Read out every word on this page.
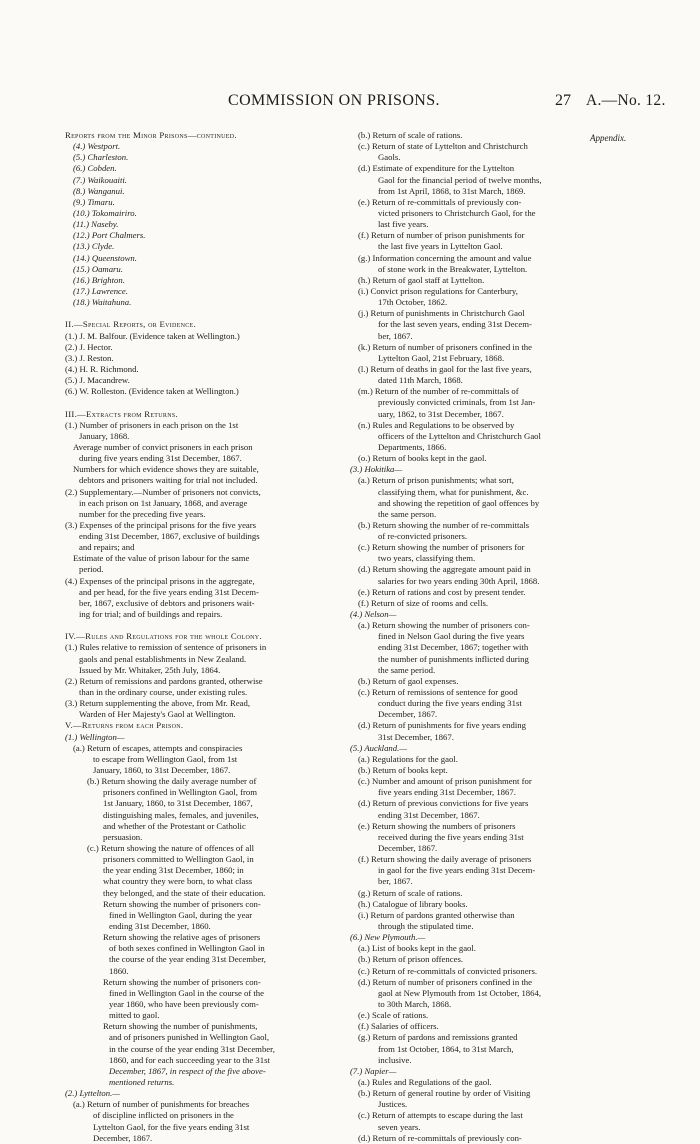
COMMISSION ON PRISONS.	27 A.—No. 12.
Appendix.
Reports from the Minor Prisons—continued.
(4.) Westport.
(5.) Charleston.
(6.) Cobden.
(7.) Waikouaiti.
(8.) Wanganui.
(9.) Timaru.
(10.) Tokomairiro.
(11.) Naseby.
(12.) Port Chalmers.
(13.) Clyde.
(14.) Queenstown.
(15.) Oamaru.
(16.) Brighton.
(17.) Lawrence.
(18.) Waitahuna.
II.—Special Reports, or Evidence.
(1.) J. M. Balfour. (Evidence taken at Wellington.)
(2.) J. Hector.
(3.) J. Reston.
(4.) H. R. Richmond.
(5.) J. Macandrew.
(6.) W. Rolleston. (Evidence taken at Wellington.)
III.—Extracts from Returns.
(1.) Number of prisoners in each prison on the 1st
January, 1868.
Average number of convict prisoners in each prison
during five years ending 31st December, 1867.
Numbers for which evidence shows they are suitable,
debtors and prisoners waiting for trial not included.
(2.) Supplementary.—Number of prisoners not convicts,
in each prison on 1st January, 1868, and average
number for the preceding five years.
(3.) Expenses of the principal prisons for the five years
ending 31st December, 1867, exclusive of buildings
and repairs; and
Estimate of the value of prison labour for the same
period.
(4.) Expenses of the principal prisons in the aggregate,
and per head, for the five years ending 31st Decem-
ber, 1867, exclusive of debtors and prisoners wait-
ing for trial; and of buildings and repairs.
IV.—Rules and Regulations for the whole Colony.
(1.) Rules relative to remission of sentence of prisoners in
gaols and penal establishments in New Zealand.
Issued by Mr. Whitaker, 25th July, 1864.
(2.) Return of remissions and pardons granted, otherwise
than in the ordinary course, under existing rules.
(3.) Return supplementing the above, from Mr. Read,
Warden of Her Majesty's Gaol at Wellington.
V.—Returns from each Prison.
(1.) Wellington—
(a.) Return of escapes, attempts and conspiracies
to escape from Wellington Gaol, from 1st
January, 1860, to 31st December, 1867.
(b.) Return showing the daily average number of
prisoners confined in Wellington Gaol, from
1st January, 1860, to 31st December, 1867,
distinguishing males, females, and juveniles,
and whether of the Protestant or Catholic
persuasion.
(c.) Return showing the nature of offences of all
prisoners committed to Wellington Gaol, in
the year ending 31st December, 1860; in
what country they were born, to what class
they belonged, and the state of their education.
Return showing the number of prisoners con-
fined in Wellington Gaol, during the year
ending 31st December, 1860.
Return showing the relative ages of prisoners
of both sexes confined in Wellington Gaol in
the course of the year ending 31st December,
1860.
Return showing the number of prisoners con-
fined in Wellington Gaol in the course of the
year 1860, who have been previously com-
mitted to gaol.
Return showing the number of punishments,
and of prisoners punished in Wellington Gaol,
in the course of the year ending 31st December,
1860, and for each succeeding year to the 31st
December, 1867, in respect of the five above-
mentioned returns.
(2.) Lyttelton.—
(a.) Return of number of punishments for breaches
of discipline inflicted on prisoners in the
Lyttelton Gaol, for the five years ending 31st
December, 1867.
(b.) Return of scale of rations.
(c.) Return of state of Lyttelton and Christchurch
Gaols.
(d.) Estimate of expenditure for the Lyttelton
Gaol for the financial period of twelve months,
from 1st April, 1868, to 31st March, 1869.
(e.) Return of re-committals of previously con-
victed prisoners to Christchurch Gaol, for the
last five years.
(f.) Return of number of prison punishments for
the last five years in Lyttelton Gaol.
(g.) Information concerning the amount and value
of stone work in the Breakwater, Lyttelton.
(h.) Return of gaol staff at Lyttelton.
(i.) Convict prison regulations for Canterbury,
17th October, 1862.
(j.) Return of punishments in Christchurch Gaol
for the last seven years, ending 31st Decem-
ber, 1867.
(k.) Return of number of prisoners confined in the
Lyttelton Gaol, 21st February, 1868.
(l.) Return of deaths in gaol for the last five years,
dated 11th March, 1868.
(m.) Return of the number of re-committals of
previously convicted criminals, from 1st Jan-
uary, 1862, to 31st December, 1867.
(n.) Rules and Regulations to be observed by
officers of the Lyttelton and Christchurch Gaol
Departments, 1866.
(o.) Return of books kept in the gaol.
(3.) Hokitika—
(a.) Return of prison punishments; what sort,
classifying them, what for punishment, &c.
and showing the repetition of gaol offences by
the same person.
(b.) Return showing the number of re-committals
of re-convicted prisoners.
(c.) Return showing the number of prisoners for
two years, classifying them.
(d.) Return showing the aggregate amount paid in
salaries for two years ending 30th April, 1868.
(e.) Return of rations and cost by present tender.
(f.) Return of size of rooms and cells.
(4.) Nelson—
(a.) Return showing the number of prisoners con-
fined in Nelson Gaol during the five years
ending 31st December, 1867; together with
the number of punishments inflicted during
the same period.
(b.) Return of gaol expenses.
(c.) Return of remissions of sentence for good
conduct during the five years ending 31st
December, 1867.
(d.) Return of punishments for five years ending
31st December, 1867.
(5.) Auckland.—
(a.) Regulations for the gaol.
(b.) Return of books kept.
(c.) Number and amount of prison punishment for
five years ending 31st December, 1867.
(d.) Return of previous convictions for five years
ending 31st December, 1867.
(e.) Return showing the numbers of prisoners
received during the five years ending 31st
December, 1867.
(f.) Return showing the daily average of prisoners
in gaol for the five years ending 31st Decem-
ber, 1867.
(g.) Return of scale of rations.
(h.) Catalogue of library books.
(i.) Return of pardons granted otherwise than
through the stipulated time.
(6.) New Plymouth.—
(a.) List of books kept in the gaol.
(b.) Return of prison offences.
(c.) Return of re-committals of convicted prisoners.
(d.) Return of number of prisoners confined in the
gaol at New Plymouth from 1st October, 1864,
to 30th March, 1868.
(e.) Scale of rations.
(f.) Salaries of officers.
(g.) Return of pardons and remissions granted
from 1st October, 1864, to 31st March,
inclusive.
(7.) Napier—
(a.) Rules and Regulations of the gaol.
(b.) Return of general routine by order of Visiting
Justices.
(c.) Return of attempts to escape during the last
seven years.
(d.) Return of re-committals of previously con-
